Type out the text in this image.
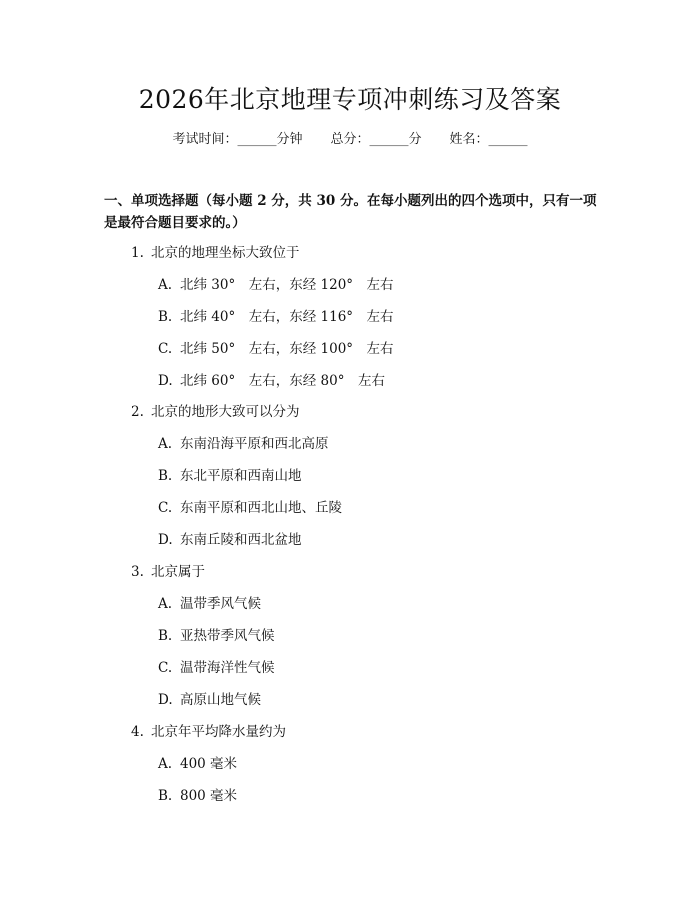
2026年北京地理专项冲刺练习及答案
考试时间：______分钟 总分：______分 姓名：______
一、单项选择题（每小题 2 分，共 30 分。在每小题列出的四个选项中，只有一项
是最符合题目要求的。）
1. 北京的地理坐标大致位于
A. 北纬 30°　左右，东经 120°　左右
B. 北纬 40°　左右，东经 116°　左右
C. 北纬 50°　左右，东经 100°　左右
D. 北纬 60°　左右，东经 80°　左右
2. 北京的地形大致可以分为
A. 东南沿海平原和西北高原
B. 东北平原和西南山地
C. 东南平原和西北山地、丘陵
D. 东南丘陵和西北盆地
3. 北京属于
A. 温带季风气候
B. 亚热带季风气候
C. 温带海洋性气候
D. 高原山地气候
4. 北京年平均降水量约为
A. 400 毫米
B. 800 毫米
